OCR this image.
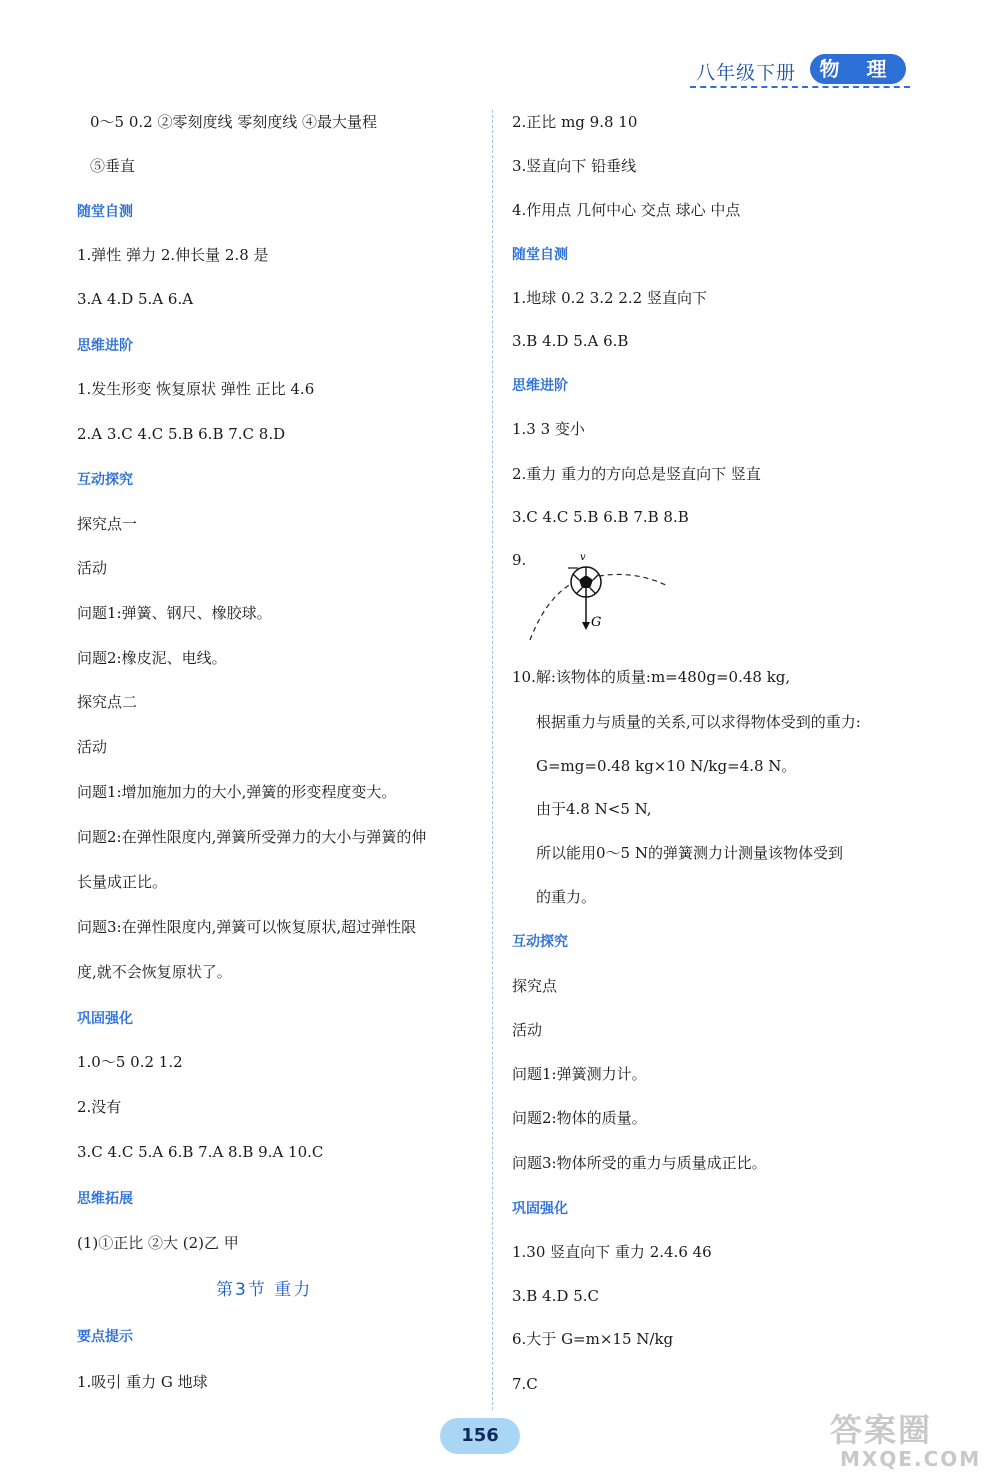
八年级下册	物 理
0～5 0.2 ②零刻度线 零刻度线 ④最大量程
⑤垂直
随堂自测
1.弹性 弹力 2.伸长量 2.8 是
3.A 4.D 5.A 6.A
思维进阶
1.发生形变 恢复原状 弹性 正比 4.6
2.A 3.C 4.C 5.B 6.B 7.C 8.D
互动探究
探究点一
活动
问题1:弹簧、钢尺、橡胶球。
问题2:橡皮泥、电线。
探究点二
活动
问题1:增加施加力的大小,弹簧的形变程度变大。
问题2:在弹性限度内,弹簧所受弹力的大小与弹簧的伸
长量成正比。
问题3:在弹性限度内,弹簧可以恢复原状,超过弹性限
度,就不会恢复原状了。
巩固强化
1.0～5 0.2 1.2
2.没有
3.C 4.C 5.A 6.B 7.A 8.B 9.A 10.C
思维拓展
(1)①正比 ②大 (2)乙 甲
第3节 重力
要点提示
1.吸引 重力 G 地球
2.正比 mg 9.8 10
3.竖直向下 铅垂线
4.作用点 几何中心 交点 球心 中点
随堂自测
1.地球 0.2 3.2 2.2 竖直向下
3.B 4.D 5.A 6.B
思维进阶
1.3 3 变小
2.重力 重力的方向总是竖直向下 竖直
3.C 4.C 5.B 6.B 7.B 8.B
9.
10.解:该物体的质量:m=480g=0.48 kg,
根据重力与质量的关系,可以求得物体受到的重力:
G=mg=0.48 kg×10 N/kg=4.8 N。
由于4.8 N<5 N,
所以能用0～5 N的弹簧测力计测量该物体受到
的重力。
互动探究
探究点
活动
问题1:弹簧测力计。
问题2:物体的质量。
问题3:物体所受的重力与质量成正比。
巩固强化
1.30 竖直向下 重力 2.4.6 46
3.B 4.D 5.C
6.大于 G=m×15 N/kg
7.C
G
v
156	答案圈
MXQE.COM
